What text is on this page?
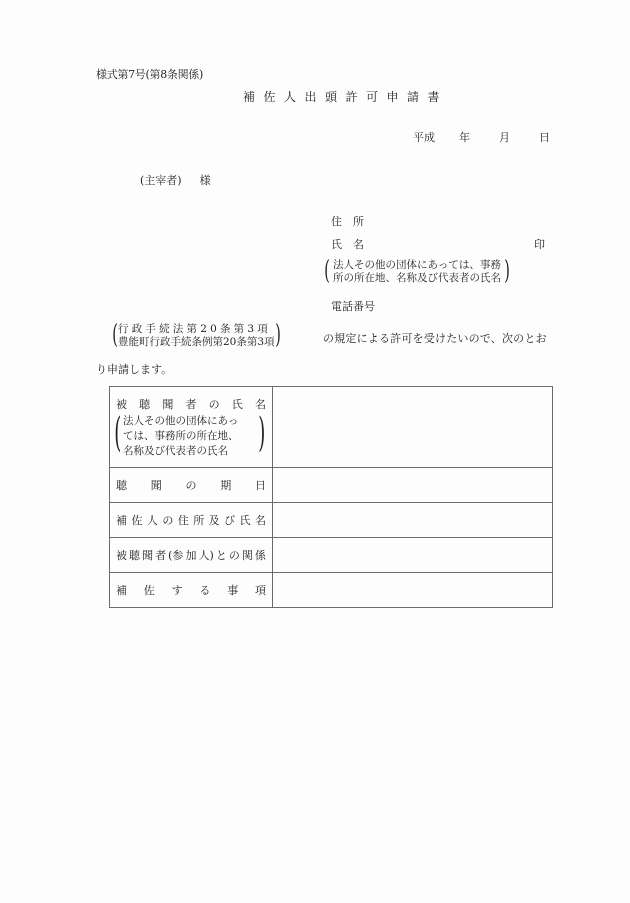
様式第7号(第8条関係)
補佐人出頭許可申請書
平成 年	月	日
(主宰者) 様
住　所
氏　名	印
( 法人その他の団体にあっては、事務
所の所在地、名称及び代表者の氏名 )
電話番号
( 行政手続法第20条第3項
豊能町行政手続条例第20条第3項 )	の規定による許可を受けたいので、次のとお
り申請します。
被 聴 聞 者 の 氏 名
( 法人その他の団体にあっ
ては、事務所の所在地、
名称及び代表者の氏名 )

聴 聞 の 期 日	

補 佐 人 の 住 所 及 び 氏 名

被 聴 聞 者 (参 加 人) と の 関 係

補 佐 す る 事 項
